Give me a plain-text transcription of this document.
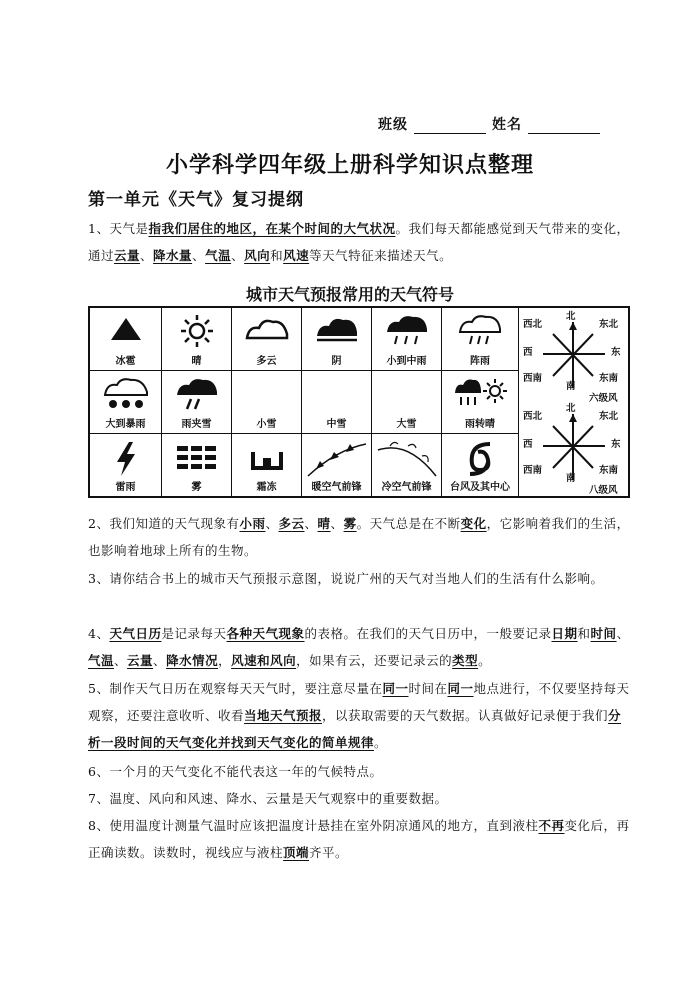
班级	姓名
小学科学四年级上册科学知识点整理
第一单元《天气》复习提纲
1、天气是指我们居住的地区，在某个时间的大气状况。我们每天都能感觉到天气带来的变化，通过云量、降水量、气温、风向和风速等天气特征来描述天气。
城市天气预报常用的天气符号
冰雹	晴	多云	阴	小到中雨	阵雨
大到暴雨	雨夹雪	小雪	中雪	大雪	雨转晴
雷雨	雾	霜冻	暖空气前锋	冷空气前锋	台风及其中心
西北
北
东北
西	东
西南
南
东南
六级风
西北
北
东北
西	东
西南
南
东南
八级风
2、我们知道的天气现象有小雨、多云、晴、雾。天气总是在不断变化，它影响着我们的生活，也影响着地球上所有的生物。
3、请你结合书上的城市天气预报示意图，说说广州的天气对当地人们的生活有什么影响。
4、天气日历是记录每天各种天气现象的表格。在我们的天气日历中，一般要记录日期和时间、气温、云量、降水情况，风速和风向，如果有云，还要记录云的类型。
5、制作天气日历在观察每天天气时，要注意尽量在同一时间在同一地点进行，不仅要坚持每天观察，还要注意收听、收看当地天气预报，以获取需要的天气数据。认真做好记录便于我们分析一段时间的天气变化并找到天气变化的简单规律。
6、一个月的天气变化不能代表这一年的气候特点。
7、温度、风向和风速、降水、云量是天气观察中的重要数据。
8、使用温度计测量气温时应该把温度计悬挂在室外阴凉通风的地方，直到液柱不再变化后，再正确读数。读数时，视线应与液柱顶端齐平。
